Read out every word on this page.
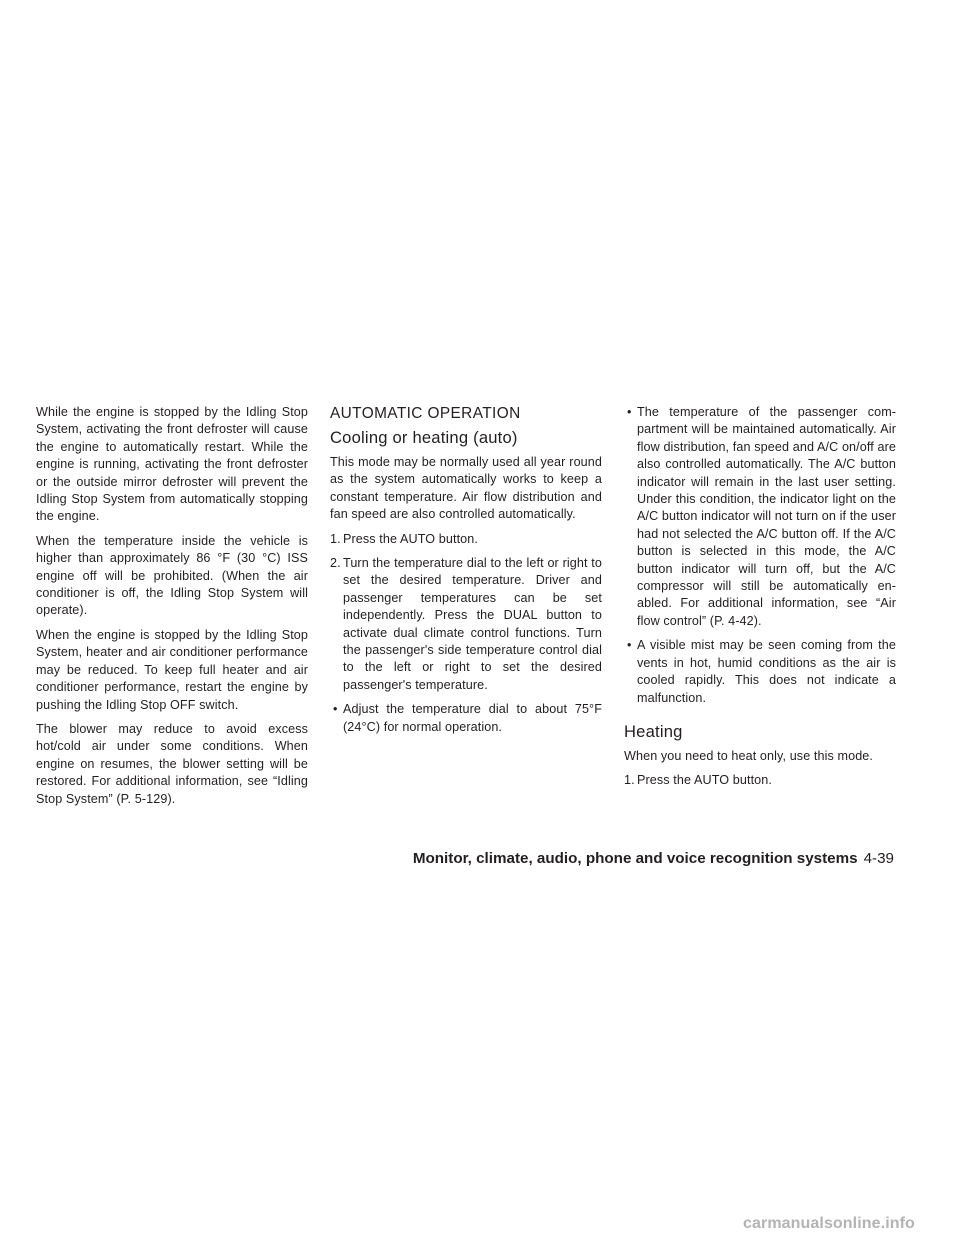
While the engine is stopped by the Idling Stop System, activating the front defroster will cause the engine to automatically restart. While the engine is running, activating the front defroster or the outside mirror defroster will prevent the Idling Stop System from automatically stopping the engine.

When the temperature inside the vehicle is higher than approximately 86 °F (30 °C) ISS engine off will be prohibited. (When the air conditioner is off, the Idling Stop System will operate).

When the engine is stopped by the Idling Stop System, heater and air conditioner performance may be reduced. To keep full heater and air conditioner performance, restart the engine by pushing the Idling Stop OFF switch.

The blower may reduce to avoid excess hot/cold air under some conditions. When engine on resumes, the blower setting will be restored. For additional information, see “Idling Stop System” (P. 5-129).

AUTOMATIC OPERATION
Cooling or heating (auto)

This mode may be normally used all year round as the system automatically works to keep a constant temperature. Air flow distribution and fan speed are also controlled automatically.

1. Press the AUTO button.

2. Turn the temperature dial to the left or right to set the desired temperature. Driver and passenger temperatures can be set independently. Press the DUAL button to activate dual climate control functions. Turn the passenger's side temperature control dial to the left or right to set the desired passenger's temperature.

• Adjust the temperature dial to about 75°F (24°C) for normal operation.

• The temperature of the passenger compartment will be maintained automatically. Air flow distribution, fan speed and A/C on/off are also controlled automatically. The A/C button indicator will remain in the last user setting. Under this condition, the indicator light on the A/C button indicator will not turn on if the user had not selected the A/C button off. If the A/C button is selected in this mode, the A/C button indicator will turn off, but the A/C compressor will still be automatically enabled. For additional information, see “Air flow control” (P. 4-42).

• A visible mist may be seen coming from the vents in hot, humid conditions as the air is cooled rapidly. This does not indicate a malfunction.

Heating

When you need to heat only, use this mode.

1. Press the AUTO button.

Monitor, climate, audio, phone and voice recognition systems 4-39
carmanualsonline.info
